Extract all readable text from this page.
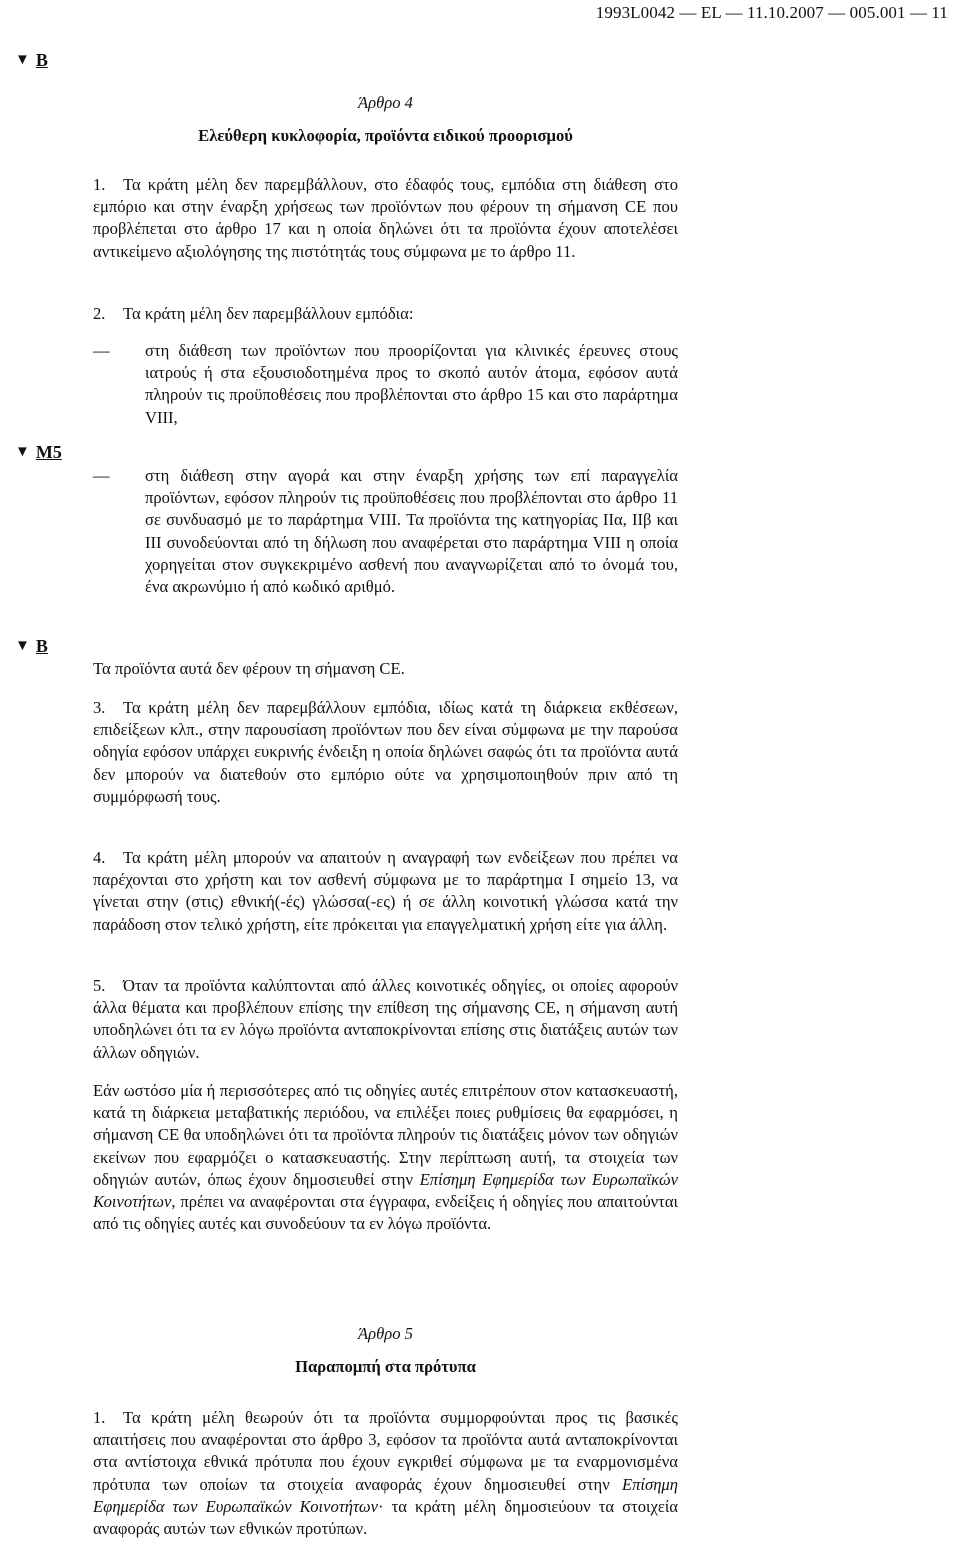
1993L0042 — EL — 11.10.2007 — 005.001 — 11
▼ B
▼ M5
▼ B
Άρθρο 4
Ελεύθερη κυκλοφορία, προϊόντα ειδικού προορισμού

1. Τα κράτη μέλη δεν παρεμβάλλουν, στο έδαφός τους, εμπόδια στη διάθεση στο εμπόριο και στην έναρξη χρήσεως των προϊόντων που φέρουν τη σήμανση CE που προβλέπεται στο άρθρο 17 και η οποία δηλώνει ότι τα προϊόντα έχουν αποτελέσει αντικείμενο αξιολόγησης της πιστότητάς τους σύμφωνα με το άρθρο 11.

2. Τα κράτη μέλη δεν παρεμβάλλουν εμπόδια:

—	στη διάθεση των προϊόντων που προορίζονται για κλινικές έρευνες στους ιατρούς ή στα εξουσιοδοτημένα προς το σκοπό αυτόν άτομα, εφόσον αυτά πληρούν τις προϋποθέσεις που προβλέπονται στο άρθρο 15 και στο παράρτημα VIII,
—	στη διάθεση στην αγορά και στην έναρξη χρήσης των επί παραγγελία προϊόντων, εφόσον πληρούν τις προϋποθέσεις που προβλέπονται στο άρθρο 11 σε συνδυασμό με το παράρτημα VIII. Τα προϊόντα της κατηγορίας IIα, IIβ και III συνοδεύονται από τη δήλωση που αναφέρεται στο παράρτημα VIII η οποία χορηγείται στον συγκεκριμένο ασθενή που αναγνωρίζεται από το όνομά του, ένα ακρωνύμιο ή από κωδικό αριθμό.

Τα προϊόντα αυτά δεν φέρουν τη σήμανση CE.

3. Τα κράτη μέλη δεν παρεμβάλλουν εμπόδια, ιδίως κατά τη διάρκεια εκθέσεων, επιδείξεων κλπ., στην παρουσίαση προϊόντων που δεν είναι σύμφωνα με την παρούσα οδηγία εφόσον υπάρχει ευκρινής ένδειξη η οποία δηλώνει σαφώς ότι τα προϊόντα αυτά δεν μπορούν να διατεθούν στο εμπόριο ούτε να χρησιμοποιηθούν πριν από τη συμμόρφωσή τους.

4. Τα κράτη μέλη μπορούν να απαιτούν η αναγραφή των ενδείξεων που πρέπει να παρέχονται στο χρήστη και τον ασθενή σύμφωνα με το παράρτημα I σημείο 13, να γίνεται στην (στις) εθνική(-ές) γλώσσα(-ες) ή σε άλλη κοινοτική γλώσσα κατά την παράδοση στον τελικό χρήστη, είτε πρόκειται για επαγγελματική χρήση είτε για άλλη.

5. Όταν τα προϊόντα καλύπτονται από άλλες κοινοτικές οδηγίες, οι οποίες αφορούν άλλα θέματα και προβλέπουν επίσης την επίθεση της σήμανσης CE, η σήμανση αυτή υποδηλώνει ότι τα εν λόγω προϊόντα ανταποκρίνονται επίσης στις διατάξεις αυτών των άλλων οδηγιών.

Εάν ωστόσο μία ή περισσότερες από τις οδηγίες αυτές επιτρέπουν στον κατασκευαστή, κατά τη διάρκεια μεταβατικής περιόδου, να επιλέξει ποιες ρυθμίσεις θα εφαρμόσει, η σήμανση CE θα υποδηλώνει ότι τα προϊόντα πληρούν τις διατάξεις μόνον των οδηγιών εκείνων που εφαρμόζει ο κατασκευαστής. Στην περίπτωση αυτή, τα στοιχεία των οδηγιών αυτών, όπως έχουν δημοσιευθεί στην Επίσημη Εφημερίδα των Ευρωπαϊκών Κοινοτήτων, πρέπει να αναφέρονται στα έγγραφα, ενδείξεις ή οδηγίες που απαιτούνται από τις οδηγίες αυτές και συνοδεύουν τα εν λόγω προϊόντα.

Άρθρο 5
Παραπομπή στα πρότυπα

1. Τα κράτη μέλη θεωρούν ότι τα προϊόντα συμμορφούνται προς τις βασικές απαιτήσεις που αναφέρονται στο άρθρο 3, εφόσον τα προϊόντα αυτά ανταποκρίνονται στα αντίστοιχα εθνικά πρότυπα που έχουν εγκριθεί σύμφωνα με τα εναρμονισμένα πρότυπα των οποίων τα στοιχεία αναφοράς έχουν δημοσιευθεί στην Επίσημη Εφημερίδα των Ευρωπαϊκών Κοινοτήτων· τα κράτη μέλη δημοσιεύουν τα στοιχεία αναφοράς αυτών των εθνικών προτύπων.
